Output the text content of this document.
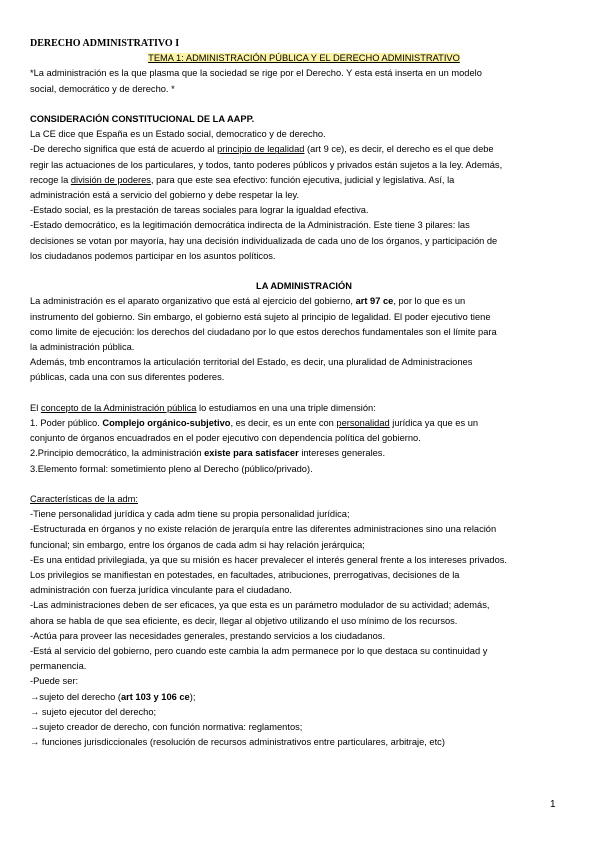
DERECHO ADMINISTRATIVO I
TEMA 1: ADMINISTRACIÓN PÚBLICA Y EL DERECHO ADMINISTRATIVO
*La administración es la que plasma que la sociedad se rige por el Derecho. Y esta está inserta en un modelo
social, democrático y de derecho. *
CONSIDERACIÓN CONSTITUCIONAL DE LA AAPP.
La CE dice que España es un Estado social, democratico y de derecho.
-De derecho significa que está de acuerdo al principio de legalidad (art 9 ce), es decir, el derecho es el que debe
regir las actuaciones de los particulares, y todos, tanto poderes públicos y privados están sujetos a la ley. Además,
recoge la división de poderes, para que este sea efectivo: función ejecutiva, judicial y legislativa. Así, la
administración está a servicio del gobierno y debe respetar la ley.
-Estado social, es la prestación de tareas sociales para lograr la igualdad efectiva.
-Estado democrático, es la legitimación democrática indirecta de la Administración. Este tiene 3 pilares: las
decisiones se votan por mayoría, hay una decisión individualizada de cada uno de los órganos, y participación de
los ciudadanos podemos participar en los asuntos políticos.
LA ADMINISTRACIÓN
La administración es el aparato organizativo que está al ejercicio del gobierno, art 97 ce, por lo que es un
instrumento del gobierno. Sin embargo, el gobierno está sujeto al principio de legalidad. El poder ejecutivo tiene
como limite de ejecución: los derechos del ciudadano por lo que estos derechos fundamentales son el límite para
la administración pública.
Además, tmb encontramos la articulación territorial del Estado, es decir, una pluralidad de Administraciones
públicas, cada una con sus diferentes poderes.
El concepto de la Administración pública lo estudiamos en una una triple dimensión:
1. Poder público. Complejo orgánico-subjetivo, es decir, es un ente con personalidad jurídica ya que es un
conjunto de órganos encuadrados en el poder ejecutivo con dependencia política del gobierno.
2.Principio democrático, la administración existe para satisfacer intereses generales.
3.Elemento formal: sometimiento pleno al Derecho (público/privado).
Características de la adm:
-Tiene personalidad jurídica y cada adm tiene su propia personalidad jurídica;
-Estructurada en órganos y no existe relación de jerarquía entre las diferentes administraciones sino una relación
funcional; sin embargo, entre los órganos de cada adm si hay relación jerárquica;
-Es una entidad privilegiada, ya que su misión es hacer prevalecer el interés general frente a los intereses privados.
Los privilegios se manifiestan en potestades, en facultades, atribuciones, prerrogativas, decisiones de la
administración con fuerza jurídica vinculante para el ciudadano.
-Las administraciones deben de ser eficaces, ya que esta es un parámetro modulador de su actividad; además,
ahora se habla de que sea eficiente, es decir, llegar al objetivo utilizando el uso mínimo de los recursos.
-Actúa para proveer las necesidades generales, prestando servicios a los ciudadanos.
-Está al servicio del gobierno, pero cuando este cambia la adm permanece por lo que destaca su continuidad y
permanencia.
-Puede ser:
→sujeto del derecho (art 103 y 106 ce);
→ sujeto ejecutor del derecho;
→sujeto creador de derecho, con función normativa: reglamentos;
→ funciones jurisdiccionales (resolución de recursos administrativos entre particulares, arbitraje, etc)
1
